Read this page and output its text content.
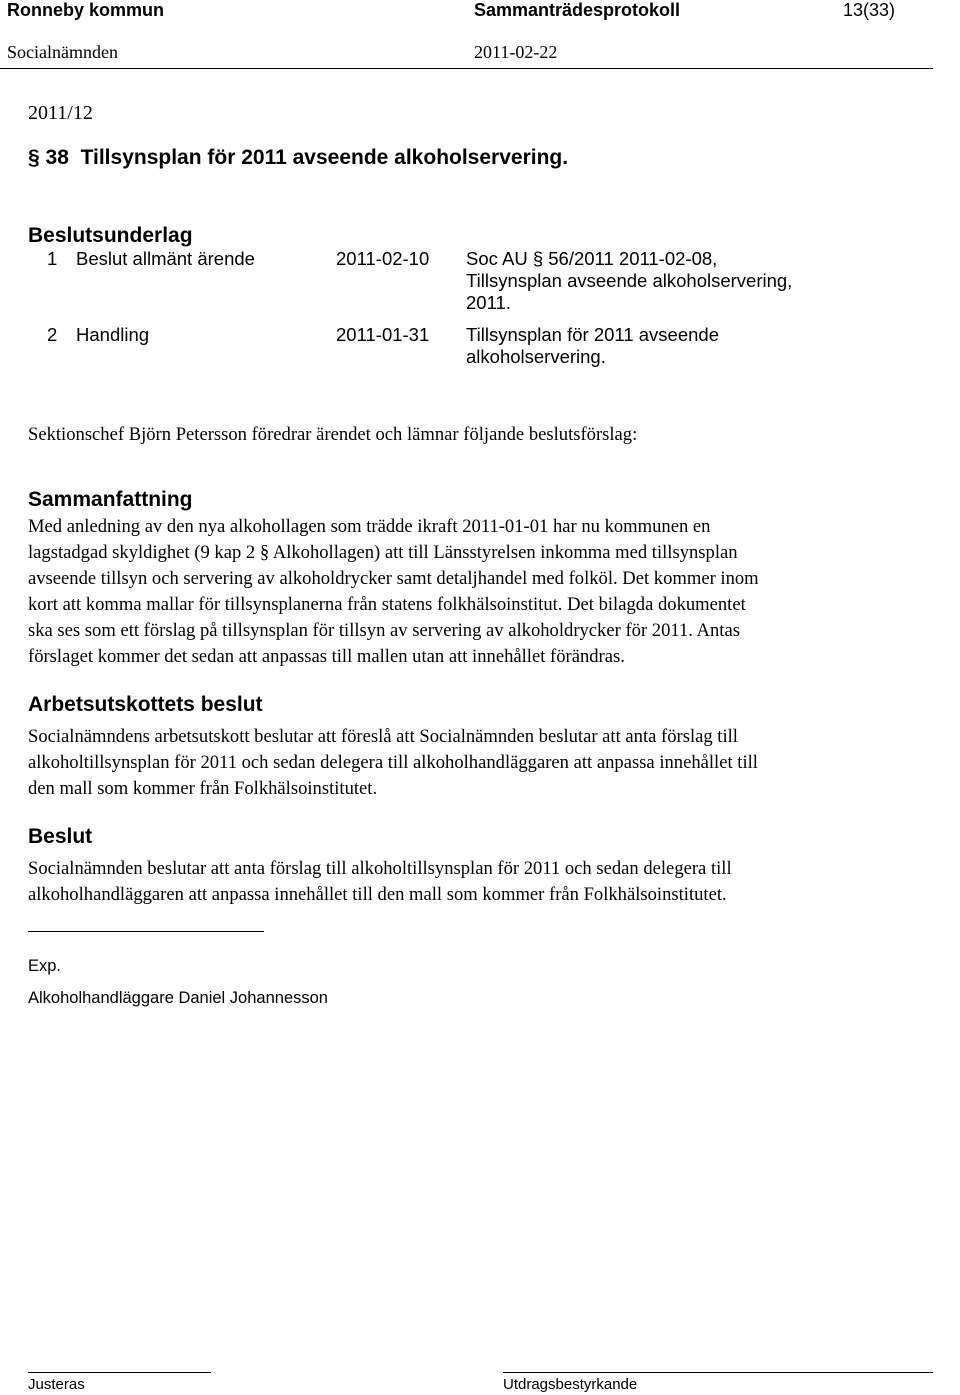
Ronneby kommun	Sammanträdesprotokoll	13(33)
Socialnämnden	2011-02-22
2011/12
§ 38 Tillsynsplan för 2011 avseende alkoholservering.
Beslutsunderlag
1 Beslut allmänt ärende	2011-02-10 Soc AU § 56/2011 2011-02-08,
Tillsynsplan avseende alkoholservering,
2011.
2 Handling	2011-01-31 Tillsynsplan för 2011 avseende
alkoholservering.
Sektionschef Björn Petersson föredrar ärendet och lämnar följande beslutsförslag:
Sammanfattning
Med anledning av den nya alkohollagen som trädde ikraft 2011-01-01 har nu kommunen en
lagstadgad skyldighet (9 kap 2 § Alkohollagen) att till Länsstyrelsen inkomma med tillsynsplan
avseende tillsyn och servering av alkoholdrycker samt detaljhandel med folköl. Det kommer inom
kort att komma mallar för tillsynsplanerna från statens folkhälsoinstitut. Det bilagda dokumentet
ska ses som ett förslag på tillsynsplan för tillsyn av servering av alkoholdrycker för 2011. Antas
förslaget kommer det sedan att anpassas till mallen utan att innehållet förändras.
Arbetsutskottets beslut
Socialnämndens arbetsutskott beslutar att föreslå att Socialnämnden beslutar att anta förslag till
alkoholtillsynsplan för 2011 och sedan delegera till alkoholhandläggaren att anpassa innehållet till
den mall som kommer från Folkhälsoinstitutet.
Beslut
Socialnämnden beslutar att anta förslag till alkoholtillsynsplan för 2011 och sedan delegera till
alkoholhandläggaren att anpassa innehållet till den mall som kommer från Folkhälsoinstitutet.
Exp.
Alkoholhandläggare Daniel Johannesson
Justeras	Utdragsbestyrkande
